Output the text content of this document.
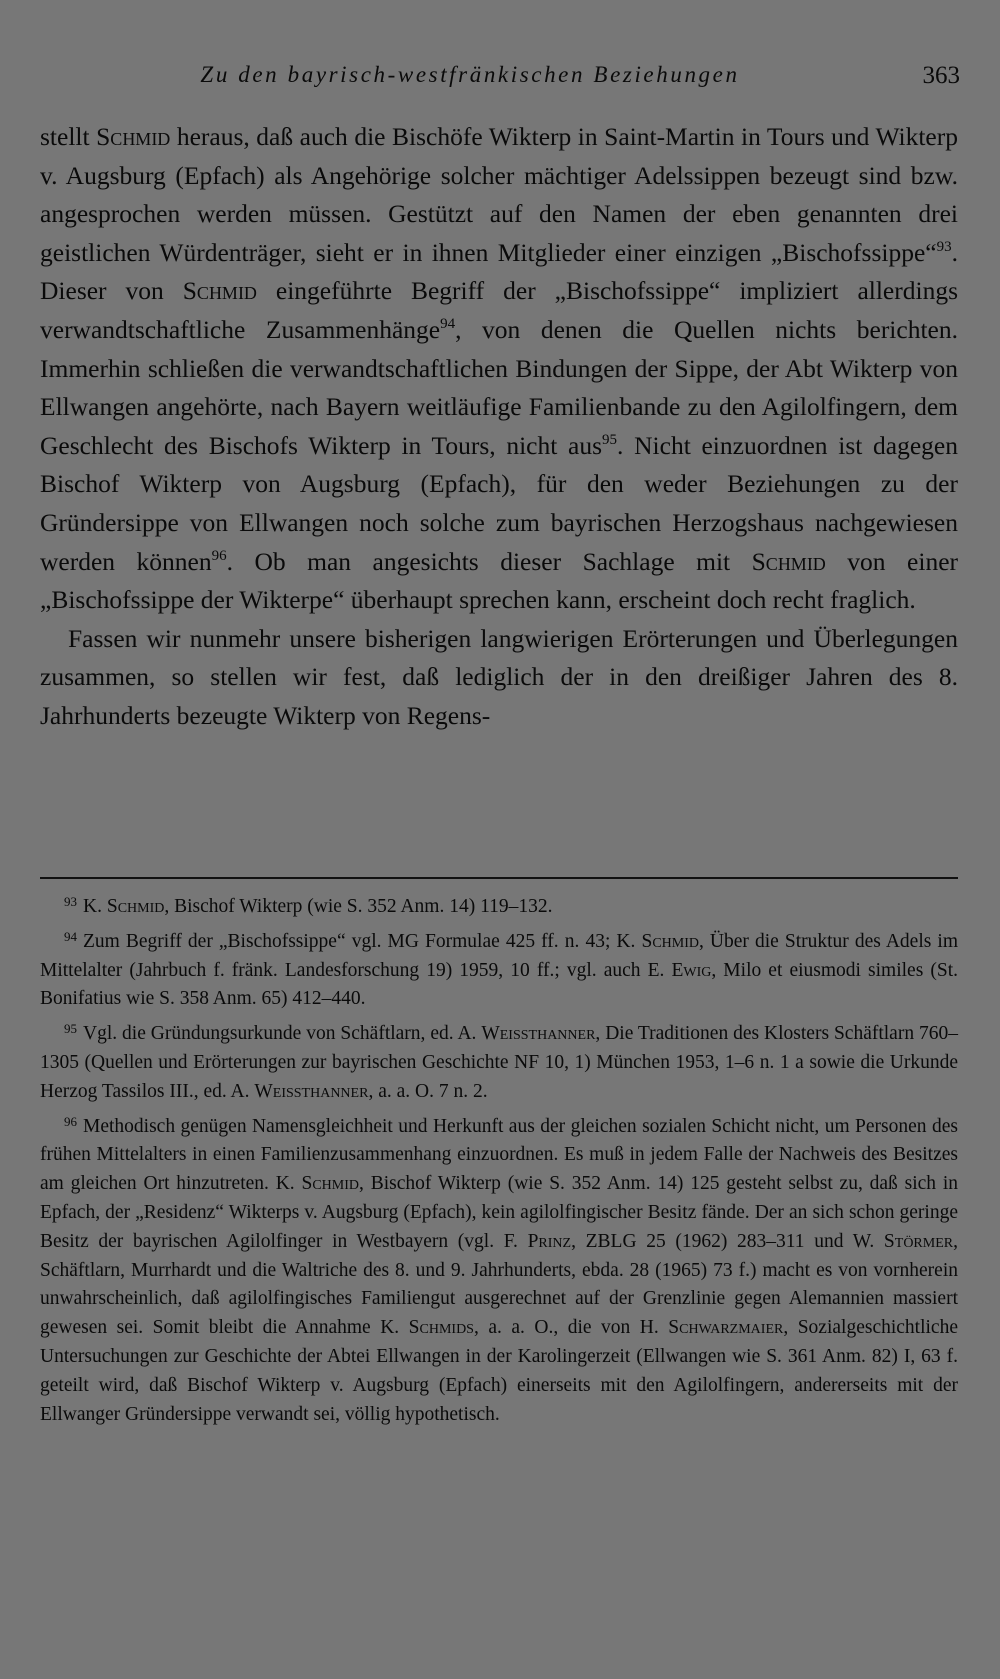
Zu den bayrisch-westfränkischen Beziehungen	363

stellt Schmid heraus, daß auch die Bischöfe Wikterp in Saint-Martin in Tours und Wikterp v. Augsburg (Epfach) als Angehörige solcher mächtiger Adelssippen bezeugt sind bzw. angesprochen werden müssen. Gestützt auf den Namen der eben genannten drei geistlichen Würdenträger, sieht er in ihnen Mitglieder einer einzigen „Bischofssippe“$^{93}$. Dieser von Schmid eingeführte Begriff der „Bischofssippe“ impliziert allerdings verwandtschaftliche Zusammenhänge$^{94}$, von denen die Quellen nichts berichten. Immerhin schließen die verwandtschaftlichen Bindungen der Sippe, der Abt Wikterp von Ellwangen angehörte, nach Bayern weitläufige Familienbande zu den Agilolfingern, dem Geschlecht des Bischofs Wikterp in Tours, nicht aus$^{95}$. Nicht einzuordnen ist dagegen Bischof Wikterp von Augsburg (Epfach), für den weder Beziehungen zu der Gründersippe von Ellwangen noch solche zum bayrischen Herzogshaus nachgewiesen werden können$^{96}$. Ob man angesichts dieser Sachlage mit Schmid von einer „Bischofssippe der Wikterpe“ überhaupt sprechen kann, erscheint doch recht fraglich.

Fassen wir nunmehr unsere bisherigen langwierigen Erörterungen und Überlegungen zusammen, so stellen wir fest, daß lediglich der in den dreißiger Jahren des 8. Jahrhunderts bezeugte Wikterp von Regens-

$^{93}$ K. Schmid, Bischof Wikterp (wie S. 352 Anm. 14) 119–132.

$^{94}$ Zum Begriff der „Bischofssippe“ vgl. MG Formulae 425 ff. n. 43; K. Schmid, Über die Struktur des Adels im Mittelalter (Jahrbuch f. fränk. Landesforschung 19) 1959, 10 ff.; vgl. auch E. Ewig, Milo et eiusmodi similes (St. Bonifatius wie S. 358 Anm. 65) 412–440.

$^{95}$ Vgl. die Gründungsurkunde von Schäftlarn, ed. A. Weissthanner, Die Traditionen des Klosters Schäftlarn 760–1305 (Quellen und Erörterungen zur bayrischen Geschichte NF 10, 1) München 1953, 1–6 n. 1 a sowie die Urkunde Herzog Tassilos III., ed. A. Weissthanner, a. a. O. 7 n. 2.

$^{96}$ Methodisch genügen Namensgleichheit und Herkunft aus der gleichen sozialen Schicht nicht, um Personen des frühen Mittelalters in einen Familienzusammenhang einzuordnen. Es muß in jedem Falle der Nachweis des Besitzes am gleichen Ort hinzutreten. K. Schmid, Bischof Wikterp (wie S. 352 Anm. 14) 125 gesteht selbst zu, daß sich in Epfach, der „Residenz“ Wikterps v. Augsburg (Epfach), kein agilolfingischer Besitz fände. Der an sich schon geringe Besitz der bayrischen Agilolfinger in Westbayern (vgl. F. Prinz, ZBLG 25 (1962) 283–311 und W. Störmer, Schäftlarn, Murrhardt und die Waltriche des 8. und 9. Jahrhunderts, ebda. 28 (1965) 73 f.) macht es von vornherein unwahrscheinlich, daß agilolfingisches Familiengut ausgerechnet auf der Grenzlinie gegen Alemannien massiert gewesen sei. Somit bleibt die Annahme K. Schmids, a. a. O., die von H. Schwarzmaier, Sozialgeschichtliche Untersuchungen zur Geschichte der Abtei Ellwangen in der Karolingerzeit (Ellwangen wie S. 361 Anm. 82) I, 63 f. geteilt wird, daß Bischof Wikterp v. Augsburg (Epfach) einerseits mit den Agilolfingern, andererseits mit der Ellwanger Gründersippe verwandt sei, völlig hypothetisch.
